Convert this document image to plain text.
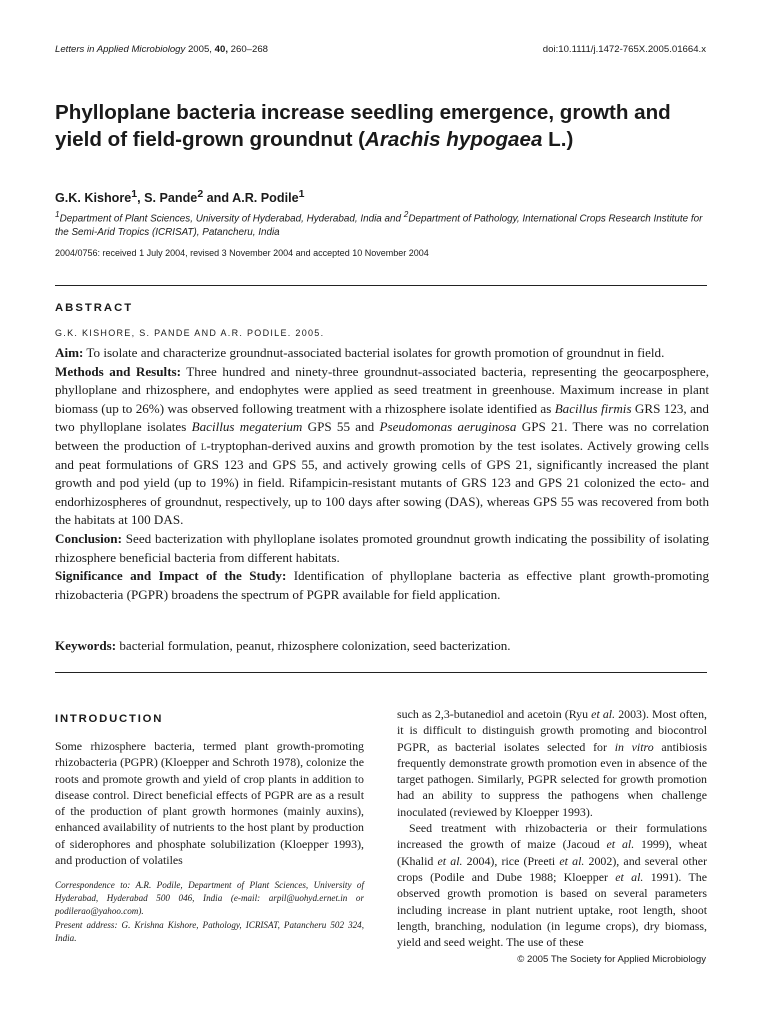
Letters in Applied Microbiology 2005, 40, 260–268	doi:10.1111/j.1472-765X.2005.01664.x
Phylloplane bacteria increase seedling emergence, growth and yield of field-grown groundnut (Arachis hypogaea L.)
G.K. Kishore$^1$, S. Pande$^2$ and A.R. Podile$^1$
$^1$Department of Plant Sciences, University of Hyderabad, Hyderabad, India and $^2$Department of Pathology, International Crops Research Institute for the Semi-Arid Tropics (ICRISAT), Patancheru, India
2004/0756: received 1 July 2004, revised 3 November 2004 and accepted 10 November 2004
ABSTRACT
G.K. KISHORE, S. PANDE AND A.R. PODILE. 2005.

Aim: To isolate and characterize groundnut-associated bacterial isolates for growth promotion of groundnut in field.

Methods and Results: Three hundred and ninety-three groundnut-associated bacteria, representing the geocarposphere, phylloplane and rhizosphere, and endophytes were applied as seed treatment in greenhouse. Maximum increase in plant biomass (up to 26%) was observed following treatment with a rhizosphere isolate identified as Bacillus firmis GRS 123, and two phylloplane isolates Bacillus megaterium GPS 55 and Pseudomonas aeruginosa GPS 21. There was no correlation between the production of l-tryptophan-derived auxins and growth promotion by the test isolates. Actively growing cells and peat formulations of GRS 123 and GPS 55, and actively growing cells of GPS 21, significantly increased the plant growth and pod yield (up to 19%) in field. Rifampicin-resistant mutants of GRS 123 and GPS 21 colonized the ecto- and endorhizospheres of groundnut, respectively, up to 100 days after sowing (DAS), whereas GPS 55 was recovered from both the habitats at 100 DAS.

Conclusion: Seed bacterization with phylloplane isolates promoted groundnut growth indicating the possibility of isolating rhizosphere beneficial bacteria from different habitats.

Significance and Impact of the Study: Identification of phylloplane bacteria as effective plant growth-promoting rhizobacteria (PGPR) broadens the spectrum of PGPR available for field application.

Keywords: bacterial formulation, peanut, rhizosphere colonization, seed bacterization.
INTRODUCTION

Some rhizosphere bacteria, termed plant growth-promoting rhizobacteria (PGPR) (Kloepper and Schroth 1978), colonize the roots and promote growth and yield of crop plants in addition to disease control. Direct beneficial effects of PGPR are as a result of the production of plant growth hormones (mainly auxins), enhanced availability of nutrients to the host plant by production of siderophores and phosphate solubilization (Kloepper 1993), and production of volatiles

such as 2,3-butanediol and acetoin (Ryu et al. 2003). Most often, it is difficult to distinguish growth promoting and biocontrol PGPR, as bacterial isolates selected for in vitro antibiosis frequently demonstrate growth promotion even in absence of the target pathogen. Similarly, PGPR selected for growth promotion had an ability to suppress the pathogens when challenge inoculated (reviewed by Kloepper 1993).

Seed treatment with rhizobacteria or their formulations increased the growth of maize (Jacoud et al. 1999), wheat (Khalid et al. 2004), rice (Preeti et al. 2002), and several other crops (Podile and Dube 1988; Kloepper et al. 1991). The observed growth promotion is based on several parameters including increase in plant nutrient uptake, root length, shoot length, branching, nodulation (in legume crops), dry biomass, yield and seed weight. The use of these

Correspondence to: A.R. Podile, Department of Plant Sciences, University of Hyderabad, Hyderabad 500 046, India (e-mail: arpil@uohyd.ernet.in or podilerao@yahoo.com).

Present address: G. Krishna Kishore, Pathology, ICRISAT, Patancheru 502 324, India.

© 2005 The Society for Applied Microbiology
